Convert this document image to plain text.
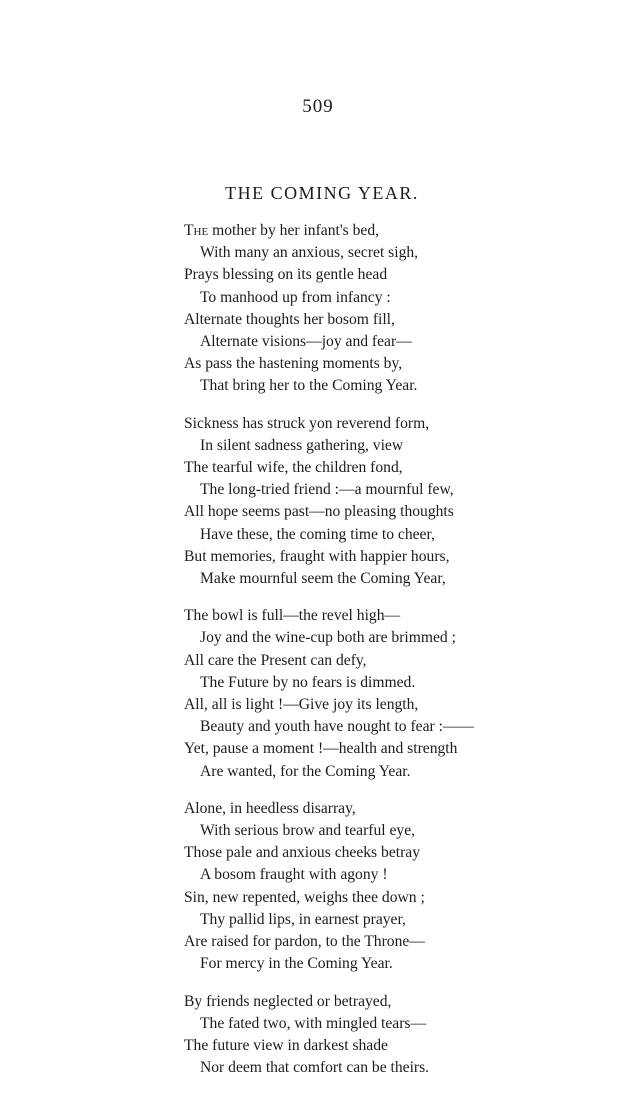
509
THE COMING YEAR.
The mother by her infant's bed,
With many an anxious, secret sigh,
Prays blessing on its gentle head
To manhood up from infancy :
Alternate thoughts her bosom fill,
Alternate visions—joy and fear—
As pass the hastening moments by,
That bring her to the Coming Year.
Sickness has struck yon reverend form,
In silent sadness gathering, view
The tearful wife, the children fond,
The long-tried friend :—a mournful few,
All hope seems past—no pleasing thoughts
Have these, the coming time to cheer,
But memories, fraught with happier hours,
Make mournful seem the Coming Year,
The bowl is full—the revel high—
Joy and the wine-cup both are brimmed ;
All care the Present can defy,
The Future by no fears is dimmed.
All, all is light !—Give joy its length,
Beauty and youth have nought to fear :——
Yet, pause a moment !—health and strength
Are wanted, for the Coming Year.
Alone, in heedless disarray,
With serious brow and tearful eye,
Those pale and anxious cheeks betray
A bosom fraught with agony !
Sin, new repented, weighs thee down ;
Thy pallid lips, in earnest prayer,
Are raised for pardon, to the Throne—
For mercy in the Coming Year.
By friends neglected or betrayed,
The fated two, with mingled tears—
The future view in darkest shade
Nor deem that comfort can be theirs.
